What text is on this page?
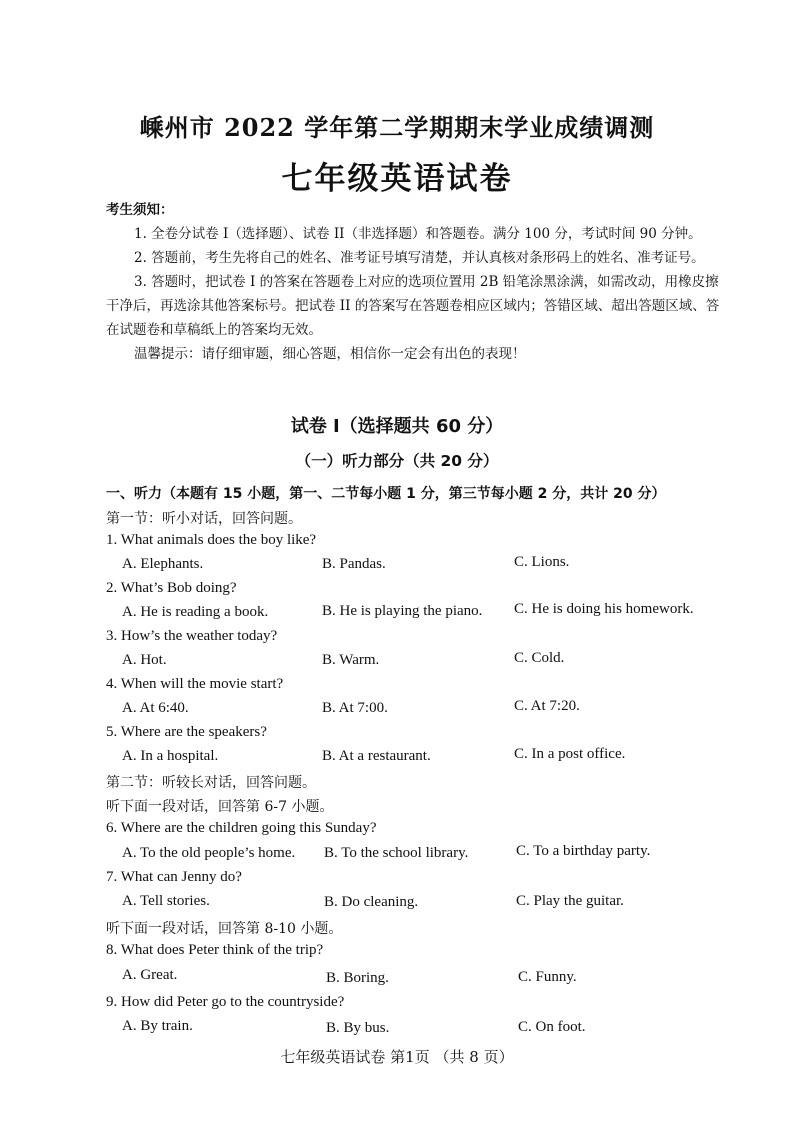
嵊州市 2022 学年第二学期期末学业成绩调测
七年级英语试卷

考生须知：

1. 全卷分试卷 I（选择题）、试卷 II（非选择题）和答题卷。满分 100 分，考试时间 90 分钟。

2. 答题前，考生先将自己的姓名、准考证号填写清楚，并认真核对条形码上的姓名、准考证号。

3. 答题时，把试卷 I 的答案在答题卷上对应的选项位置用 2B 铅笔涂黑涂满，如需改动，用橡皮擦干净后，再选涂其他答案标号。把试卷 II 的答案写在答题卷相应区域内；答错区域、超出答题区域、答在试题卷和草稿纸上的答案均无效。

温馨提示：请仔细审题，细心答题，相信你一定会有出色的表现！

试卷 I（选择题共 60 分）
（一）听力部分（共 20 分）
一、听力（本题有 15 小题，第一、二节每小题 1 分，第三节每小题 2 分，共计 20 分）
第一节：听小对话，回答问题。
1. What animals does the boy like?
A. Elephants.	B. Pandas.	C. Lions.
2. What’s Bob doing?
A. He is reading a book.	B. He is playing the piano. C. He is doing his homework.
3. How’s the weather today?
A. Hot.	B. Warm.	C. Cold.
4. When will the movie start?
A. At 6:40.	B. At 7:00.	C. At 7:20.
5. Where are the speakers?
A. In a hospital.	B. At a restaurant.	C. In a post office.
第二节：听较长对话，回答问题。
听下面一段对话，回答第 6-7 小题。
6. Where are the children going this Sunday?
A. To the old people’s home. B. To the school library.	C. To a birthday party.
7. What can Jenny do?
A. Tell stories.	B. Do cleaning.	C. Play the guitar.
听下面一段对话，回答第 8-10 小题。
8. What does Peter think of the trip?
A. Great.	B. Boring.	C. Funny.
9. How did Peter go to the countryside?
A. By train.	B. By bus.	C. On foot.
七年级英语试卷 第1页 （共 8 页）
